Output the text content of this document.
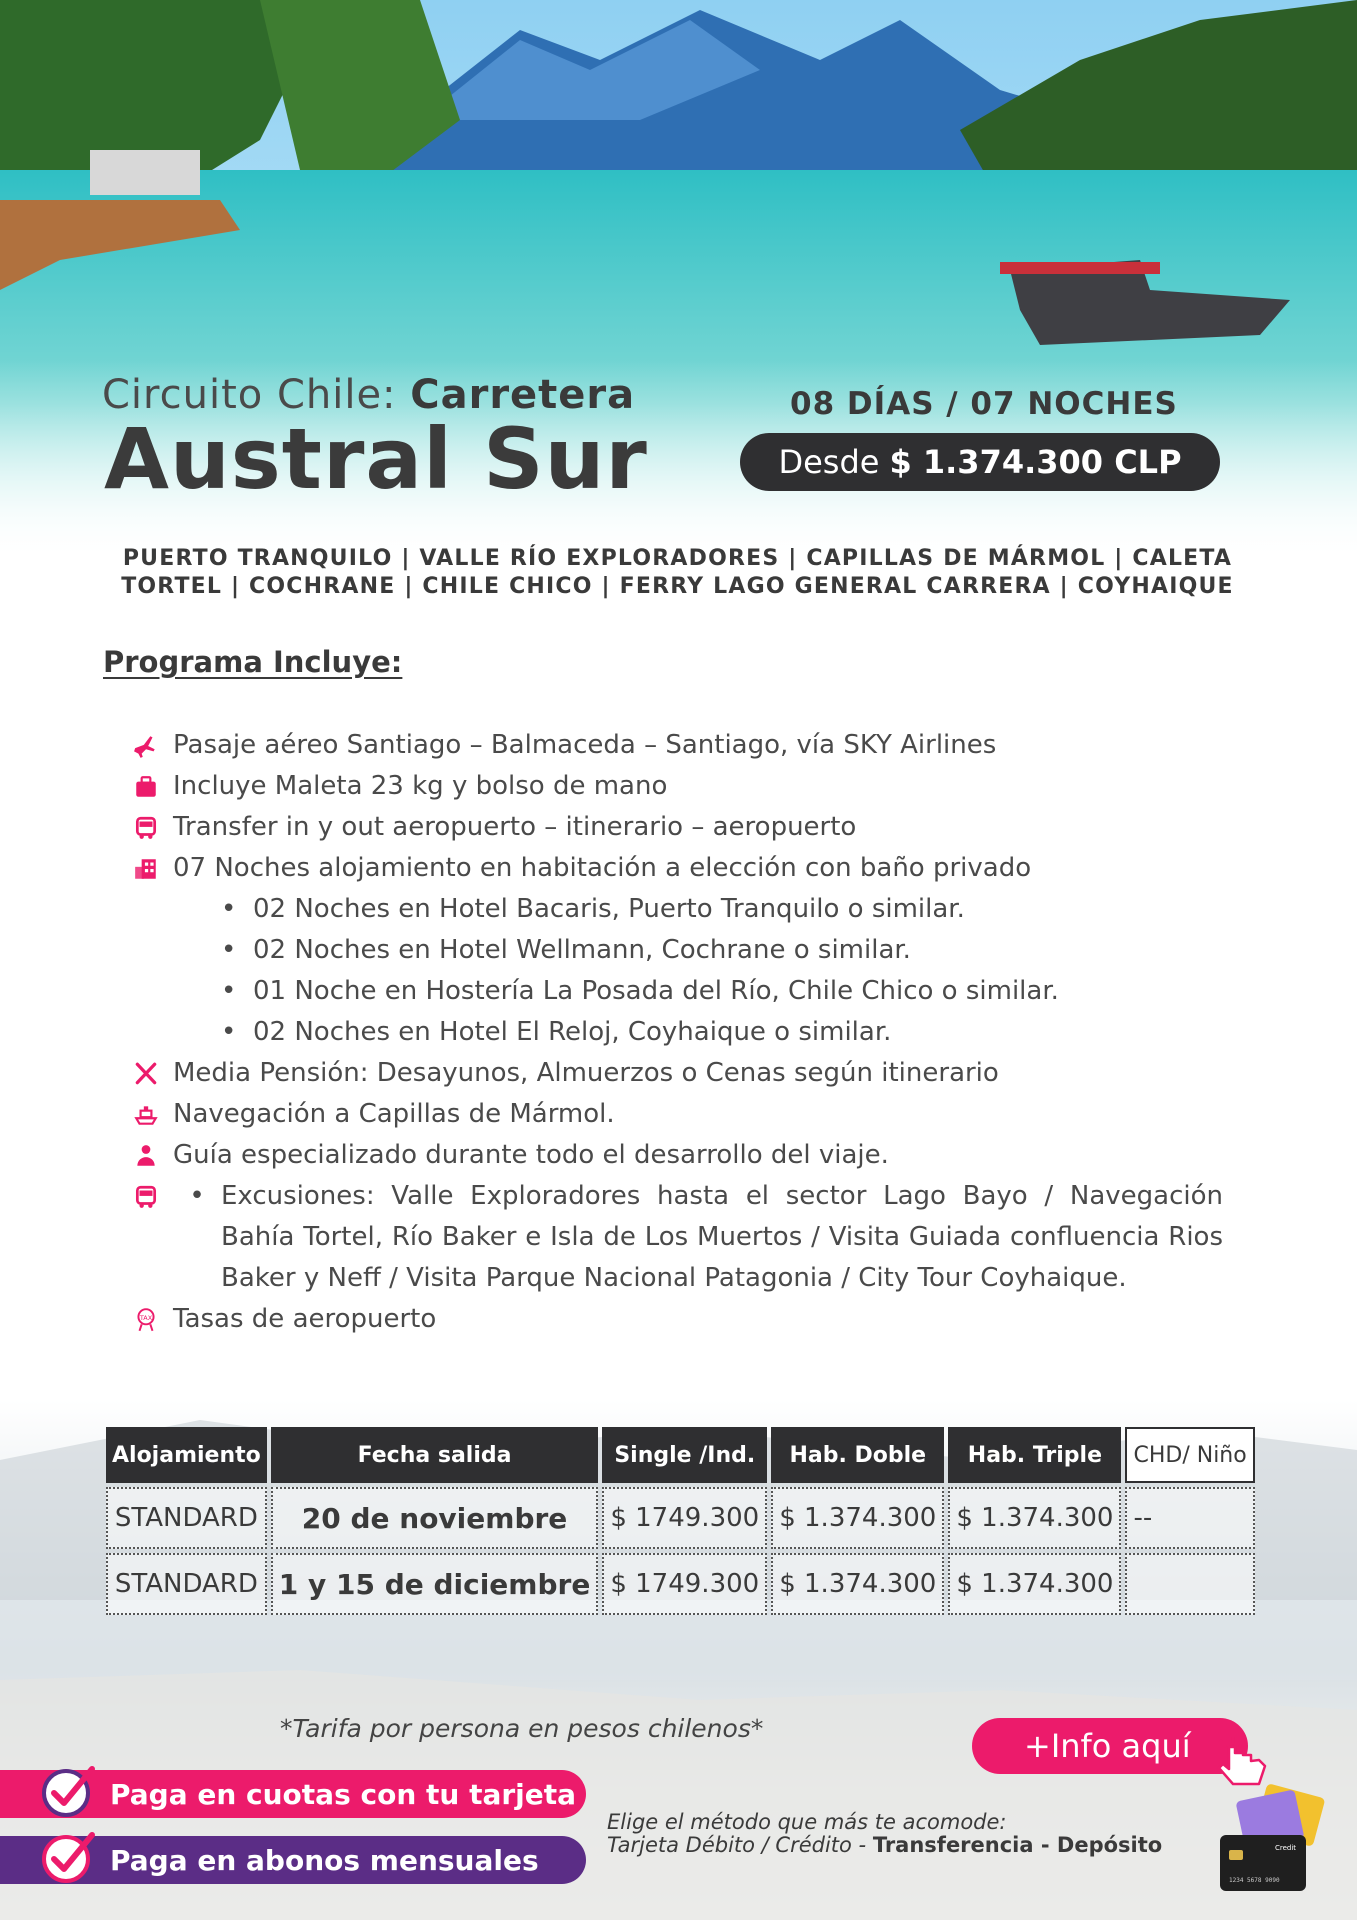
Circuito Chile: Carretera
Austral Sur
08 DÍAS / 07 NOCHES
Desde $ 1.374.300 CLP
PUERTO TRANQUILO | VALLE RÍO EXPLORADORES | CAPILLAS DE MÁRMOL | CALETA TORTEL | COCHRANE | CHILE CHICO | FERRY LAGO GENERAL CARRERA | COYHAIQUE
Programa Incluye:
Pasaje aéreo Santiago – Balmaceda – Santiago, vía SKY Airlines
Incluye Maleta 23 kg y bolso de mano
Transfer in y out aeropuerto – itinerario – aeropuerto
07 Noches alojamiento en habitación a elección con baño privado
• 02 Noches en Hotel Bacaris, Puerto Tranquilo o similar.
• 02 Noches en Hotel Wellmann, Cochrane o similar.
• 01 Noche en Hostería La Posada del Río, Chile Chico o similar.
• 02 Noches en Hotel El Reloj, Coyhaique o similar.
Media Pensión: Desayunos, Almuerzos o Cenas según itinerario
Navegación a Capillas de Mármol.
Guía especializado durante todo el desarrollo del viaje.
• Excusiones: Valle Exploradores hasta el sector Lago Bayo / Navegación Bahía Tortel, Río Baker e Isla de Los Muertos / Visita Guiada confluencia Rios Baker y Neff / Visita Parque Nacional Patagonia / City Tour Coyhaique.
TAX Tasas de aeropuerto
Alojamiento	Fecha salida	Single /Ind.	Hab. Doble	Hab. Triple	CHD/ Niño

STANDARD	20 de noviembre	$ 1749.300	$ 1.374.300	$ 1.374.300	--

STANDARD	1 y 15 de diciembre	$ 1749.300	$ 1.374.300	$ 1.374.300	
*Tarifa por persona en pesos chilenos*	+Info aquí
Paga en cuotas con tu tarjeta
Paga en abonos mensuales
Elige el método que más te acomode:
Tarjeta Débito / Crédito - Transferencia - Depósito	Credit
1234 5678 9090
